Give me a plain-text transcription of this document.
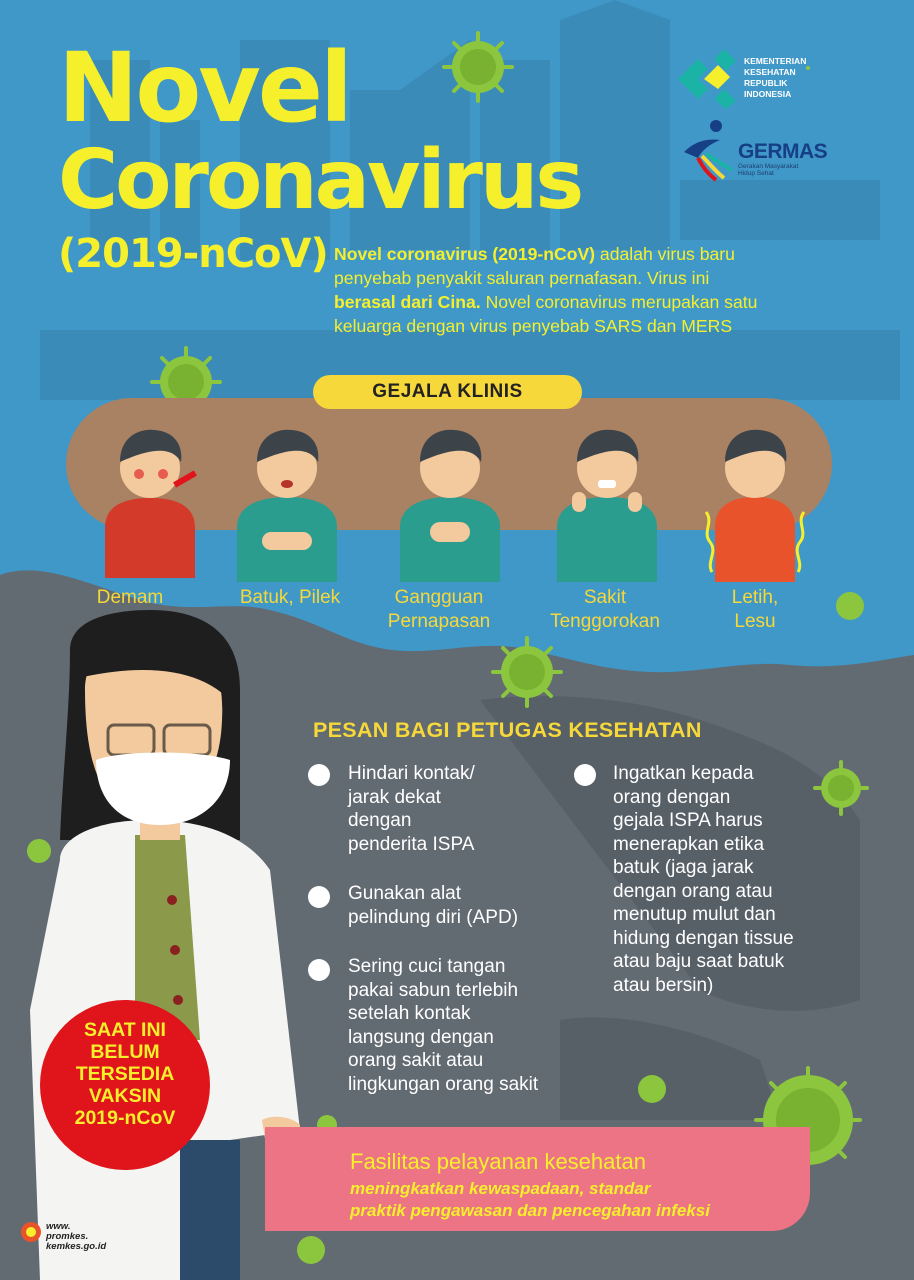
Novel
Coronavirus
(2019-nCoV)
KEMENTERIAN
KESEHATAN
REPUBLIK
INDONESIA
GERMAS
Gerakan Masyarakat
Hidup Sehat
Novel coronavirus (2019-nCoV) adalah virus baru
penyebab penyakit saluran pernafasan. Virus ini
berasal dari Cina. Novel coronavirus merupakan satu
keluarga dengan virus penyebab SARS dan MERS
GEJALA KLINIS
Demam	Batuk, Pilek	Gangguan
Pernapasan
Sakit
Tenggorokan
Letih,
Lesu
PESAN BAGI PETUGAS KESEHATAN
Hindari kontak/
jarak dekat
dengan
penderita ISPA
Gunakan alat
pelindung diri (APD)
Sering cuci tangan
pakai sabun terlebih
setelah kontak
langsung dengan
orang sakit atau
lingkungan orang sakit
Ingatkan kepada
orang dengan
gejala ISPA harus
menerapkan etika
batuk (jaga jarak
dengan orang atau
menutup mulut dan
hidung dengan tissue
atau baju saat batuk
atau bersin)
Fasilitas pelayanan kesehatan
meningkatkan kewaspadaan, standar
praktik pengawasan dan pencegahan infeksi
SAAT INI
BELUM
TERSEDIA
VAKSIN
2019-nCoV
www.
promkes.
kemkes.go.id
